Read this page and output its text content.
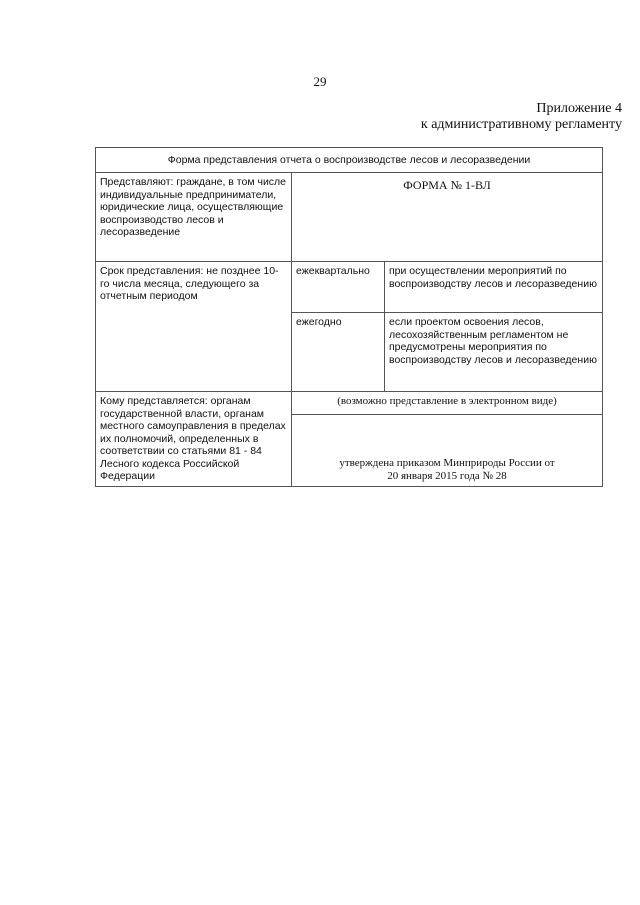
29
Приложение 4
к административному регламенту
Форма представления отчета о воспроизводстве лесов и лесоразведении		
Представляют: граждане, в том числе индивидуальные предприниматели, юридические лица, осуществляющие воспроизводство лесов и лесоразведение	ФОРМА № 1-ВЛ	
Срок представления: не позднее 10-го числа месяца, следующего за отчетным периодом	ежеквартально	при осуществлении мероприятий по воспроизводству лесов и лесоразведению
	ежегодно	если проектом освоения лесов, лесохозяйственным регламентом не предусмотрены мероприятия по воспроизводству лесов и лесоразведению
Кому представляется: органам государственной власти, органам местного самоуправления в пределах их полномочий, определенных в соответствии со статьями 81 - 84 Лесного кодекса Российской Федерации	(возможно представление в электронном виде)	

	утверждена приказом Минприроды России от
20 января 2015 года № 28	
